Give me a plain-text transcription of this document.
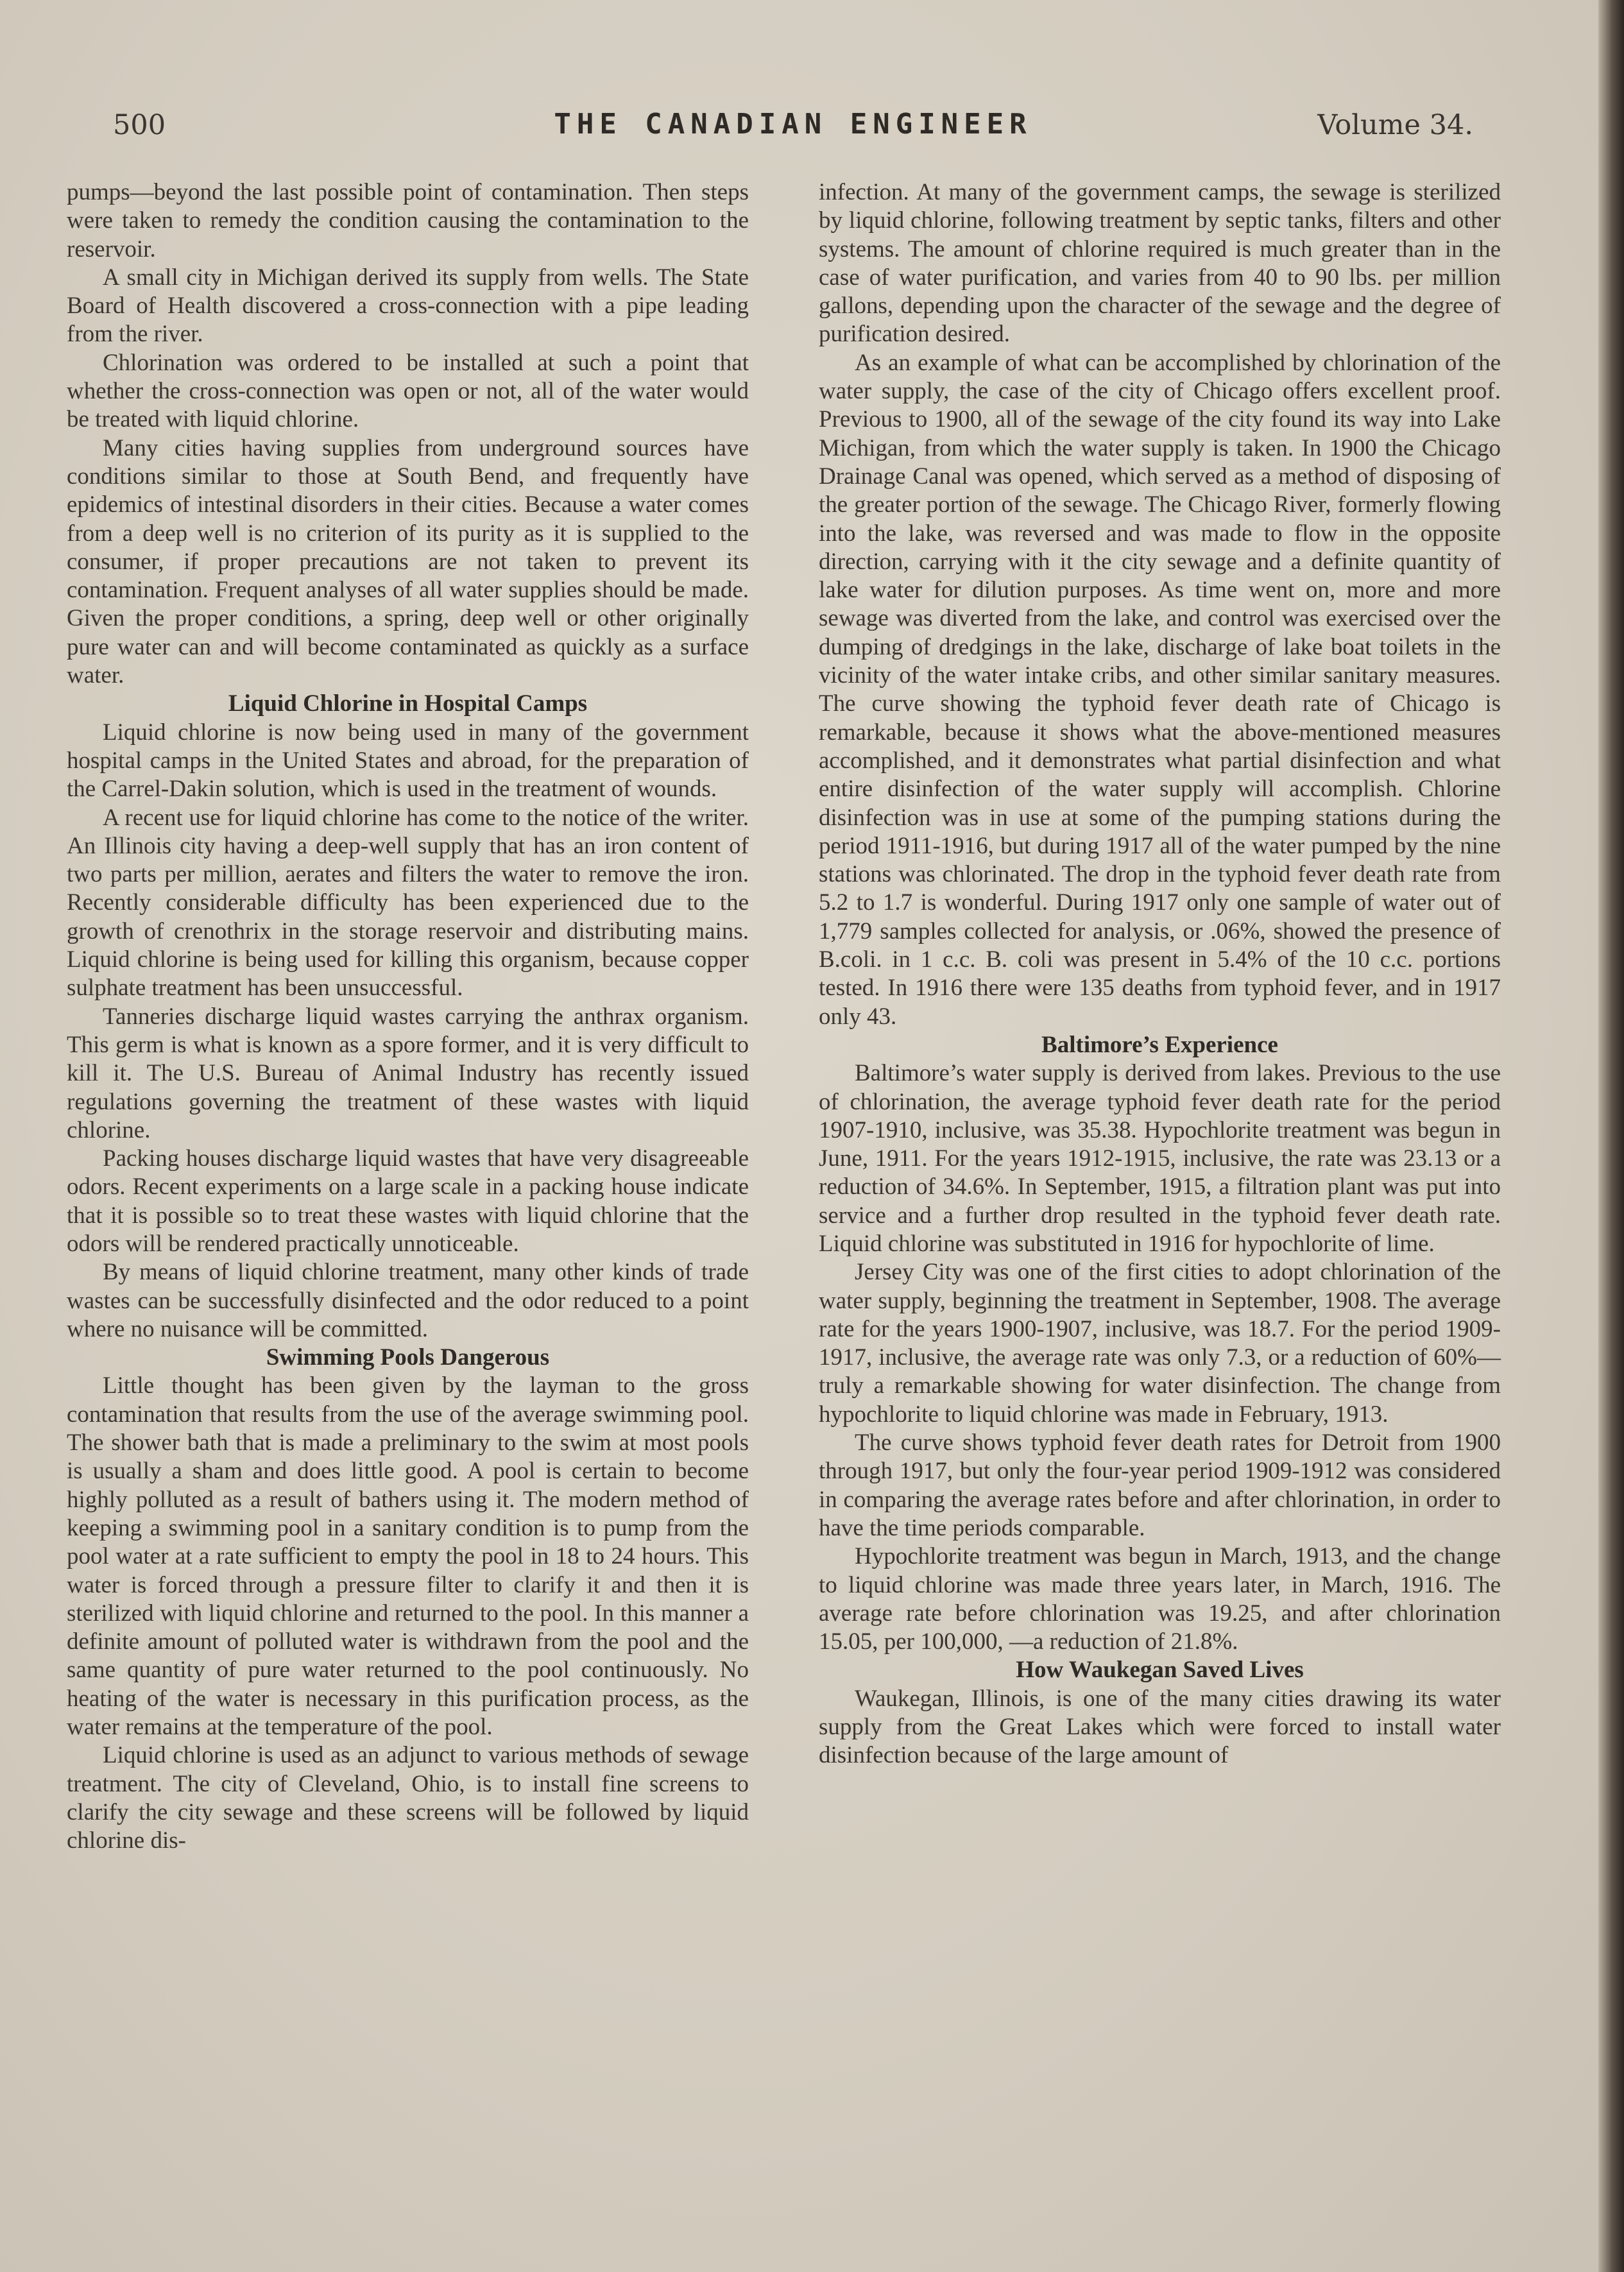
500	THE CANADIAN ENGINEER	Volume 34.

pumps—beyond the last possible point of contamination. Then steps were taken to remedy the condition causing the contamination to the reservoir.

A small city in Michigan derived its supply from wells. The State Board of Health discovered a cross-connection with a pipe leading from the river.

Chlorination was ordered to be installed at such a point that whether the cross-connection was open or not, all of the water would be treated with liquid chlorine.

Many cities having supplies from underground sources have conditions similar to those at South Bend, and frequently have epidemics of intestinal disorders in their cities. Because a water comes from a deep well is no criterion of its purity as it is supplied to the consumer, if proper precautions are not taken to prevent its contamination. Frequent analyses of all water supplies should be made. Given the proper conditions, a spring, deep well or other originally pure water can and will become contaminated as quickly as a surface water.

Liquid Chlorine in Hospital Camps

Liquid chlorine is now being used in many of the government hospital camps in the United States and abroad, for the preparation of the Carrel-Dakin solution, which is used in the treatment of wounds.

A recent use for liquid chlorine has come to the notice of the writer. An Illinois city having a deep-well supply that has an iron content of two parts per million, aerates and filters the water to remove the iron. Recently considerable difficulty has been experienced due to the growth of crenothrix in the storage reservoir and distributing mains. Liquid chlorine is being used for killing this organism, because copper sulphate treatment has been unsuccessful.

Tanneries discharge liquid wastes carrying the anthrax organism. This germ is what is known as a spore former, and it is very difficult to kill it. The U.S. Bureau of Animal Industry has recently issued regulations governing the treatment of these wastes with liquid chlorine.

Packing houses discharge liquid wastes that have very disagreeable odors. Recent experiments on a large scale in a packing house indicate that it is possible so to treat these wastes with liquid chlorine that the odors will be rendered practically unnoticeable.

By means of liquid chlorine treatment, many other kinds of trade wastes can be successfully disinfected and the odor reduced to a point where no nuisance will be committed.

Swimming Pools Dangerous

Little thought has been given by the layman to the gross contamination that results from the use of the average swimming pool. The shower bath that is made a preliminary to the swim at most pools is usually a sham and does little good. A pool is certain to become highly polluted as a result of bathers using it. The modern method of keeping a swimming pool in a sanitary condition is to pump from the pool water at a rate sufficient to empty the pool in 18 to 24 hours. This water is forced through a pressure filter to clarify it and then it is sterilized with liquid chlorine and returned to the pool. In this manner a definite amount of polluted water is withdrawn from the pool and the same quantity of pure water returned to the pool continuously. No heating of the water is necessary in this purification process, as the water remains at the temperature of the pool.

Liquid chlorine is used as an adjunct to various methods of sewage treatment. The city of Cleveland, Ohio, is to install fine screens to clarify the city sewage and these screens will be followed by liquid chlorine dis-

infection. At many of the government camps, the sewage is sterilized by liquid chlorine, following treatment by septic tanks, filters and other systems. The amount of chlorine required is much greater than in the case of water purification, and varies from 40 to 90 lbs. per million gallons, depending upon the character of the sewage and the degree of purification desired.

As an example of what can be accomplished by chlorination of the water supply, the case of the city of Chicago offers excellent proof. Previous to 1900, all of the sewage of the city found its way into Lake Michigan, from which the water supply is taken. In 1900 the Chicago Drainage Canal was opened, which served as a method of disposing of the greater portion of the sewage. The Chicago River, formerly flowing into the lake, was reversed and was made to flow in the opposite direction, carrying with it the city sewage and a definite quantity of lake water for dilution purposes. As time went on, more and more sewage was diverted from the lake, and control was exercised over the dumping of dredgings in the lake, discharge of lake boat toilets in the vicinity of the water intake cribs, and other similar sanitary measures. The curve showing the typhoid fever death rate of Chicago is remarkable, because it shows what the above-mentioned measures accomplished, and it demonstrates what partial disinfection and what entire disinfection of the water supply will accomplish. Chlorine disinfection was in use at some of the pumping stations during the period 1911-1916, but during 1917 all of the water pumped by the nine stations was chlorinated. The drop in the typhoid fever death rate from 5.2 to 1.7 is wonderful. During 1917 only one sample of water out of 1,779 samples collected for analysis, or .06%, showed the presence of B.coli. in 1 c.c. B. coli was present in 5.4% of the 10 c.c. portions tested. In 1916 there were 135 deaths from typhoid fever, and in 1917 only 43.

Baltimore’s Experience

Baltimore’s water supply is derived from lakes. Previous to the use of chlorination, the average typhoid fever death rate for the period 1907-1910, inclusive, was 35.38. Hypochlorite treatment was begun in June, 1911. For the years 1912-1915, inclusive, the rate was 23.13 or a reduction of 34.6%. In September, 1915, a filtration plant was put into service and a further drop resulted in the typhoid fever death rate. Liquid chlorine was substituted in 1916 for hypochlorite of lime.

Jersey City was one of the first cities to adopt chlorination of the water supply, beginning the treatment in September, 1908. The average rate for the years 1900-1907, inclusive, was 18.7. For the period 1909-1917, inclusive, the average rate was only 7.3, or a reduction of 60%—truly a remarkable showing for water disinfection. The change from hypochlorite to liquid chlorine was made in February, 1913.

The curve shows typhoid fever death rates for Detroit from 1900 through 1917, but only the four-year period 1909-1912 was considered in comparing the average rates before and after chlorination, in order to have the time periods comparable.

Hypochlorite treatment was begun in March, 1913, and the change to liquid chlorine was made three years later, in March, 1916. The average rate before chlorination was 19.25, and after chlorination 15.05, per 100,000, —a reduction of 21.8%.

How Waukegan Saved Lives

Waukegan, Illinois, is one of the many cities drawing its water supply from the Great Lakes which were forced to install water disinfection because of the large amount of
